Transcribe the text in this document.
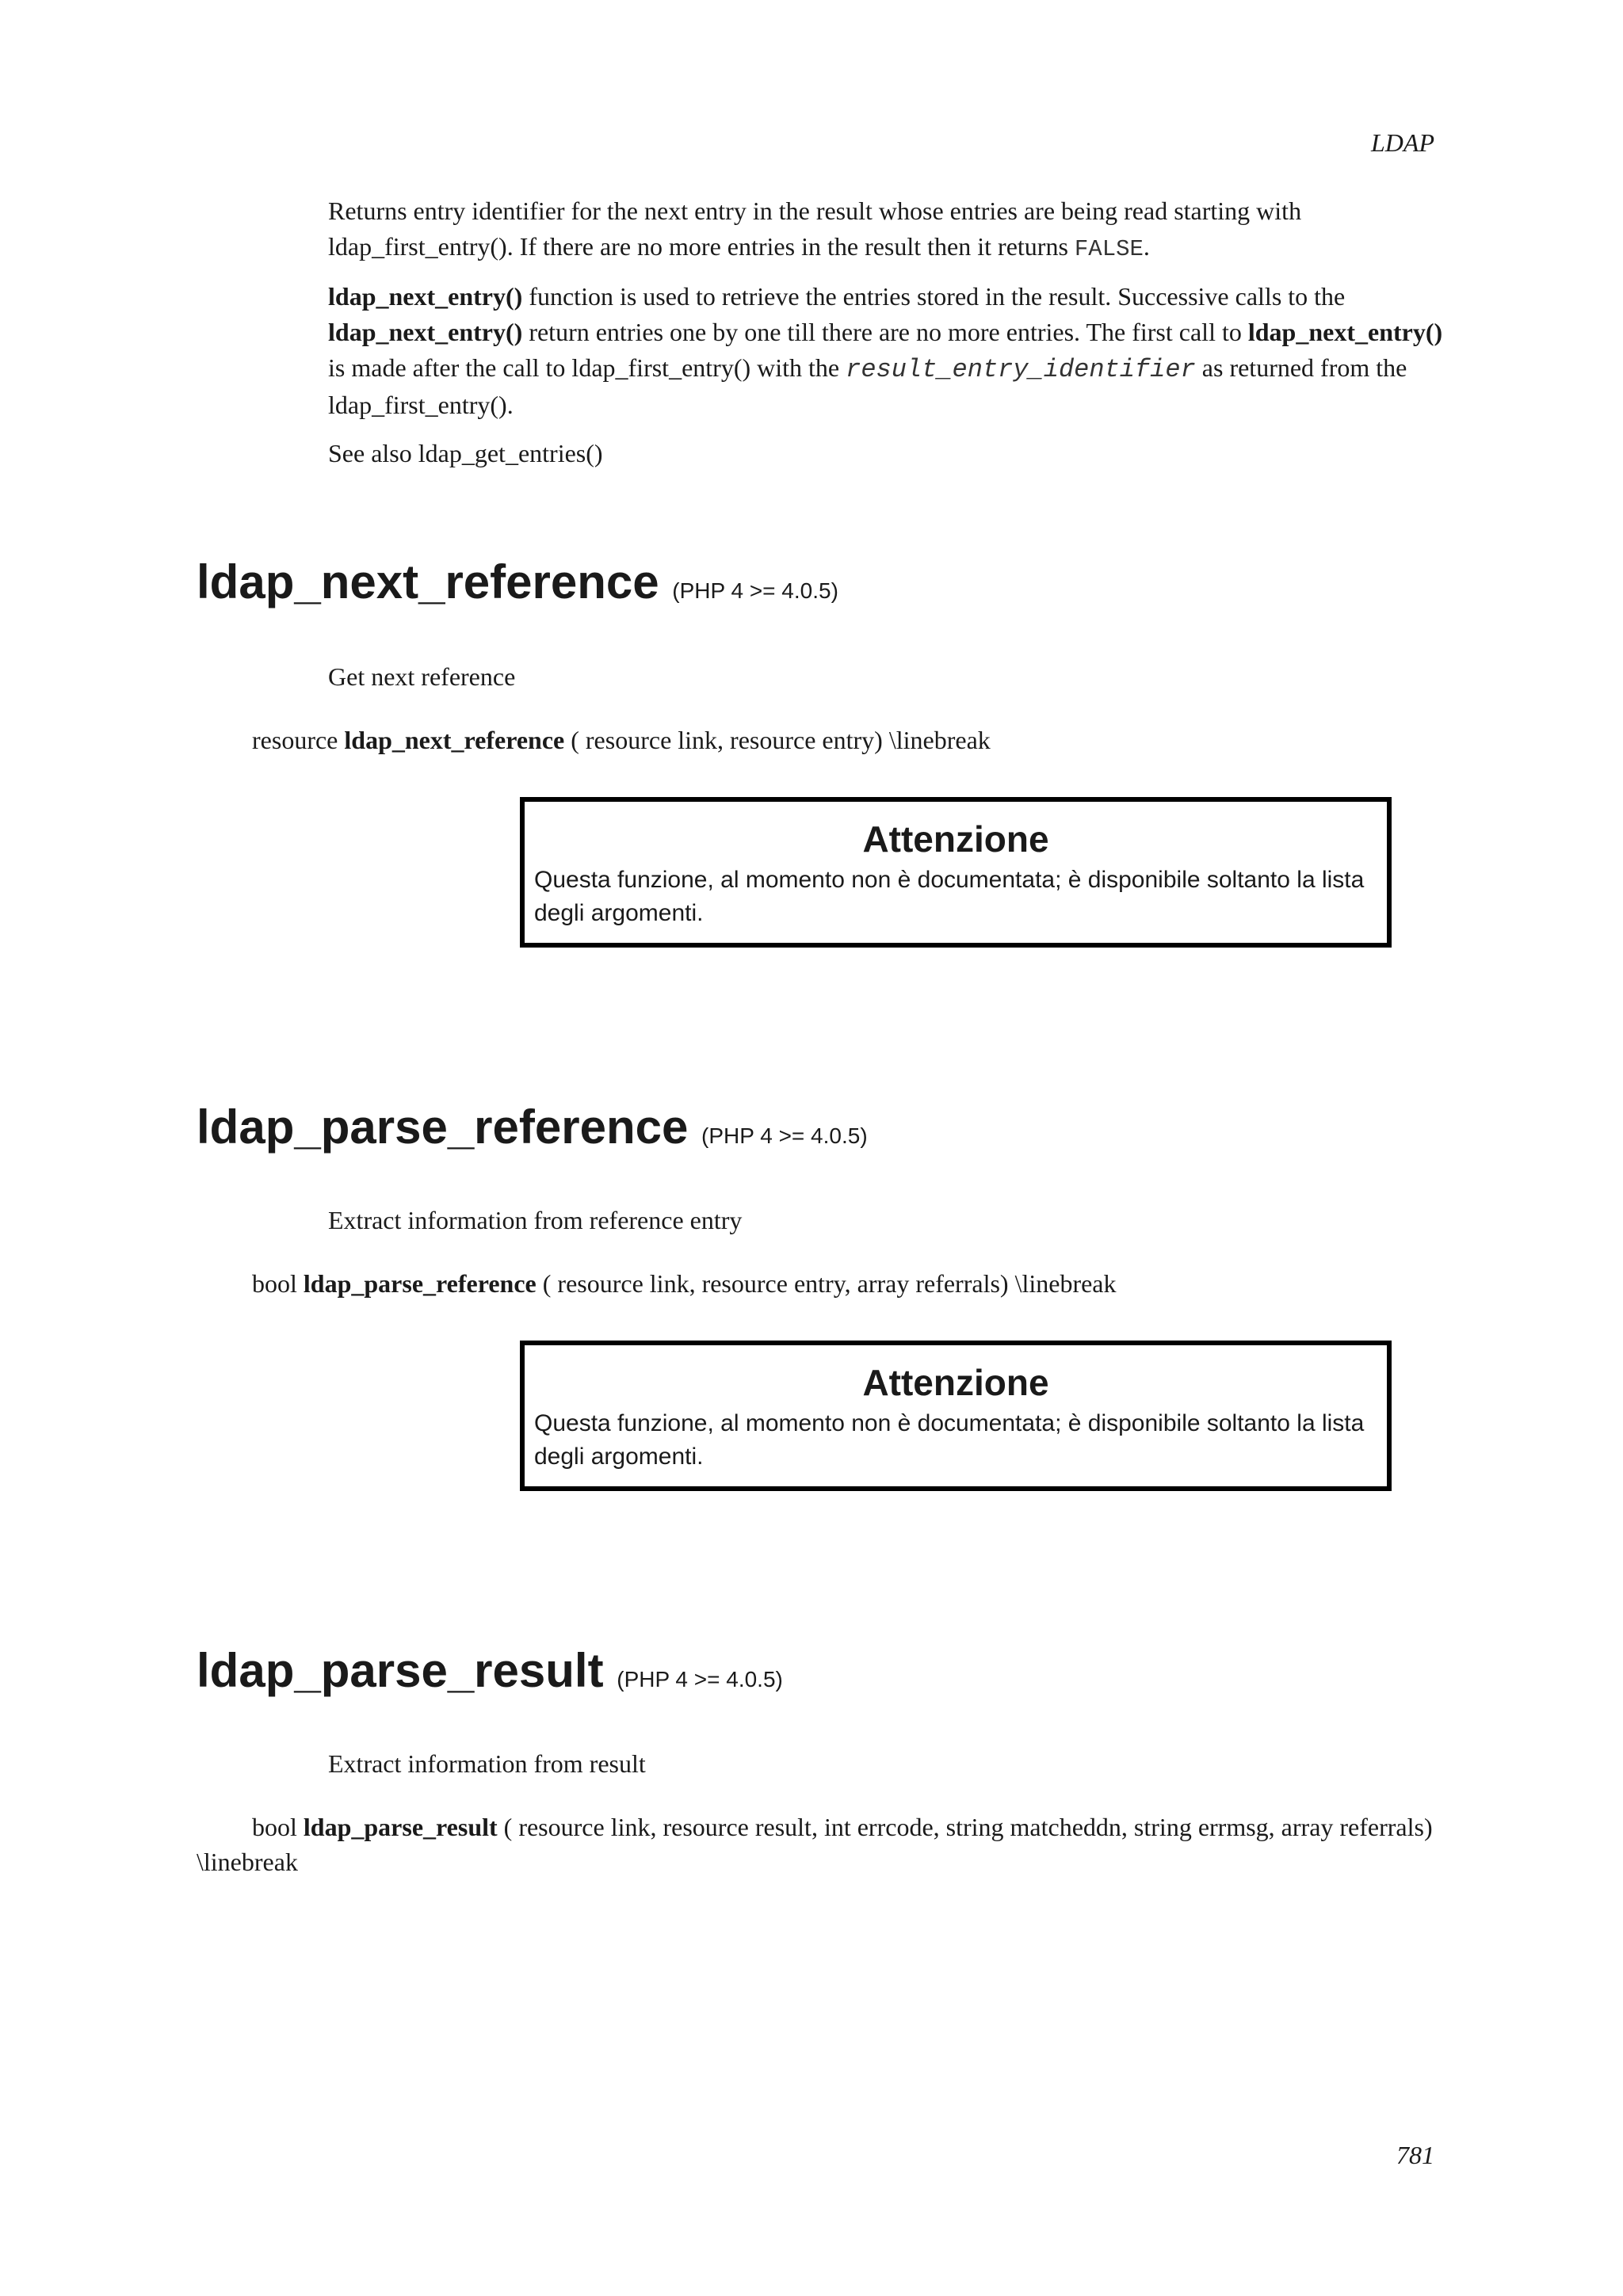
LDAP
Returns entry identifier for the next entry in the result whose entries are being read starting with ldap_first_entry(). If there are no more entries in the result then it returns FALSE.
ldap_next_entry() function is used to retrieve the entries stored in the result. Successive calls to the ldap_next_entry() return entries one by one till there are no more entries. The first call to ldap_next_entry() is made after the call to ldap_first_entry() with the result_entry_identifier as returned from the ldap_first_entry().
See also ldap_get_entries()
ldap_next_reference (PHP 4 >= 4.0.5)
Get next reference
resource ldap_next_reference ( resource link, resource entry) \linebreak
Attenzione
Questa funzione, al momento non è documentata; è disponibile soltanto la lista degli argomenti.
ldap_parse_reference (PHP 4 >= 4.0.5)
Extract information from reference entry
bool ldap_parse_reference ( resource link, resource entry, array referrals) \linebreak
Attenzione
Questa funzione, al momento non è documentata; è disponibile soltanto la lista degli argomenti.
ldap_parse_result (PHP 4 >= 4.0.5)
Extract information from result
bool ldap_parse_result ( resource link, resource result, int errcode, string matcheddn, string errmsg, array referrals) \linebreak
781
